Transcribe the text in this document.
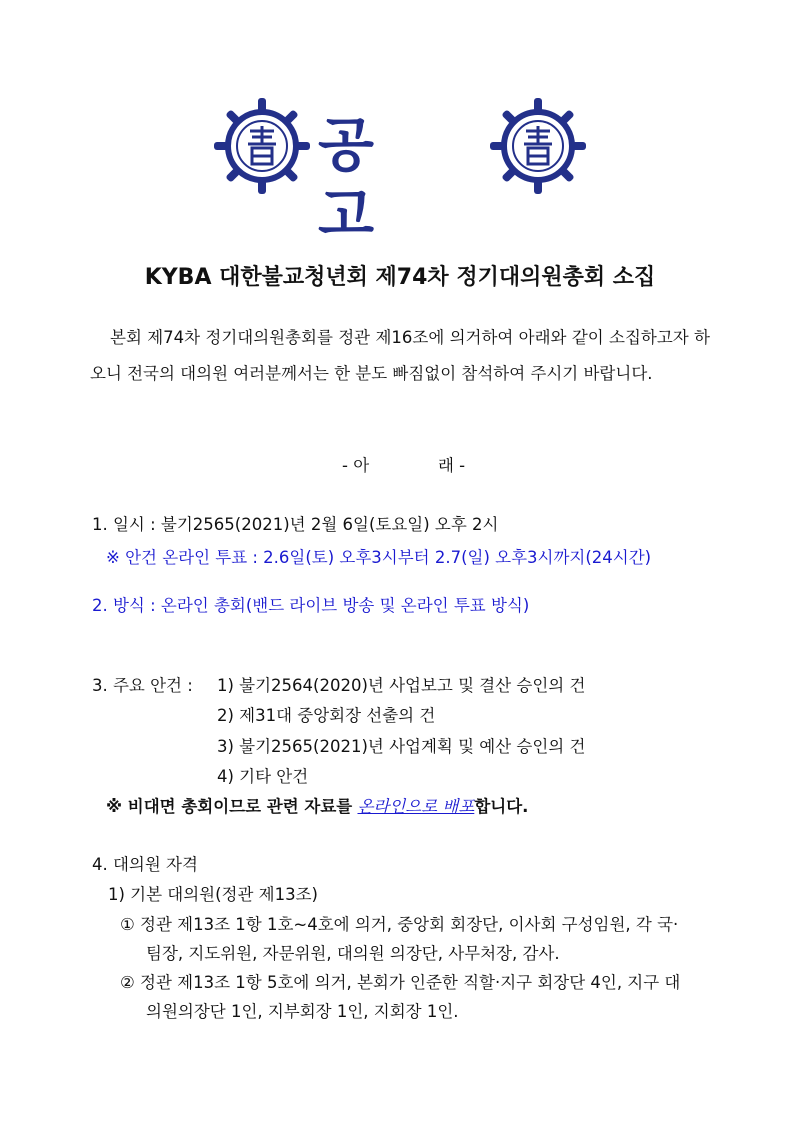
공 고
KYBA 대한불교청년회 제74차 정기대의원총회 소집
본회 제74차 정기대의원총회를 정관 제16조에 의거하여 아래와 같이 소집하고자 하오니 전국의 대의원 여러분께서는 한 분도 빠짐없이 참석하여 주시기 바랍니다.
- 아	래 -
1. 일시 : 불기2565(2021)년 2월 6일(토요일) 오후 2시
※ 안건 온라인 투표 : 2.6일(토) 오후3시부터 2.7(일) 오후3시까지(24시간)
2. 방식 : 온라인 총회(밴드 라이브 방송 및 온라인 투표 방식)
3. 주요 안건 : 1) 불기2564(2020)년 사업보고 및 결산 승인의 건
2) 제31대 중앙회장 선출의 건
3) 불기2565(2021)년 사업계획 및 예산 승인의 건
4) 기타 안건
※ 비대면 총회이므로 관련 자료를 온라인으로 배포합니다.
4. 대의원 자격
1) 기본 대의원(정관 제13조)
① 정관 제13조 1항 1호~4호에 의거, 중앙회 회장단, 이사회 구성임원, 각 국·
팀장, 지도위원, 자문위원, 대의원 의장단, 사무처장, 감사.
② 정관 제13조 1항 5호에 의거, 본회가 인준한 직할·지구 회장단 4인, 지구 대
의원의장단 1인, 지부회장 1인, 지회장 1인.
